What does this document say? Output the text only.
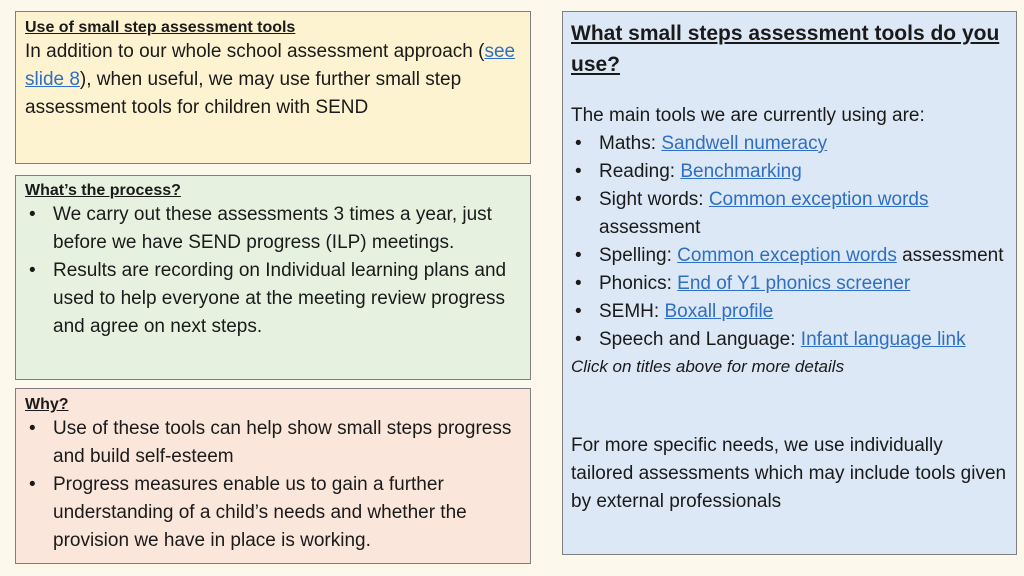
Use of small step assessment tools
In addition to our whole school assessment approach (see slide 8), when useful, we may use further small step assessment tools for children with SEND
What’s the process?
• We carry out these assessments 3 times a year, just before we have SEND progress (ILP) meetings.
• Results are recording on Individual learning plans and used to help everyone at the meeting review progress and agree on next steps.
Why?
• Use of these tools can help show small steps progress and build self-esteem
• Progress measures enable us to gain a further understanding of a child’s needs and whether the provision we have in place is working.
What small steps assessment tools do you use?
The main tools we are currently using are:
• Maths: Sandwell numeracy
• Reading: Benchmarking
• Sight words: Common exception words assessment
• Spelling: Common exception words assessment
• Phonics: End of Y1 phonics screener
• SEMH: Boxall profile
• Speech and Language: Infant language link
Click on titles above for more details
For more specific needs, we use individually tailored assessments which may include tools given by external professionals
